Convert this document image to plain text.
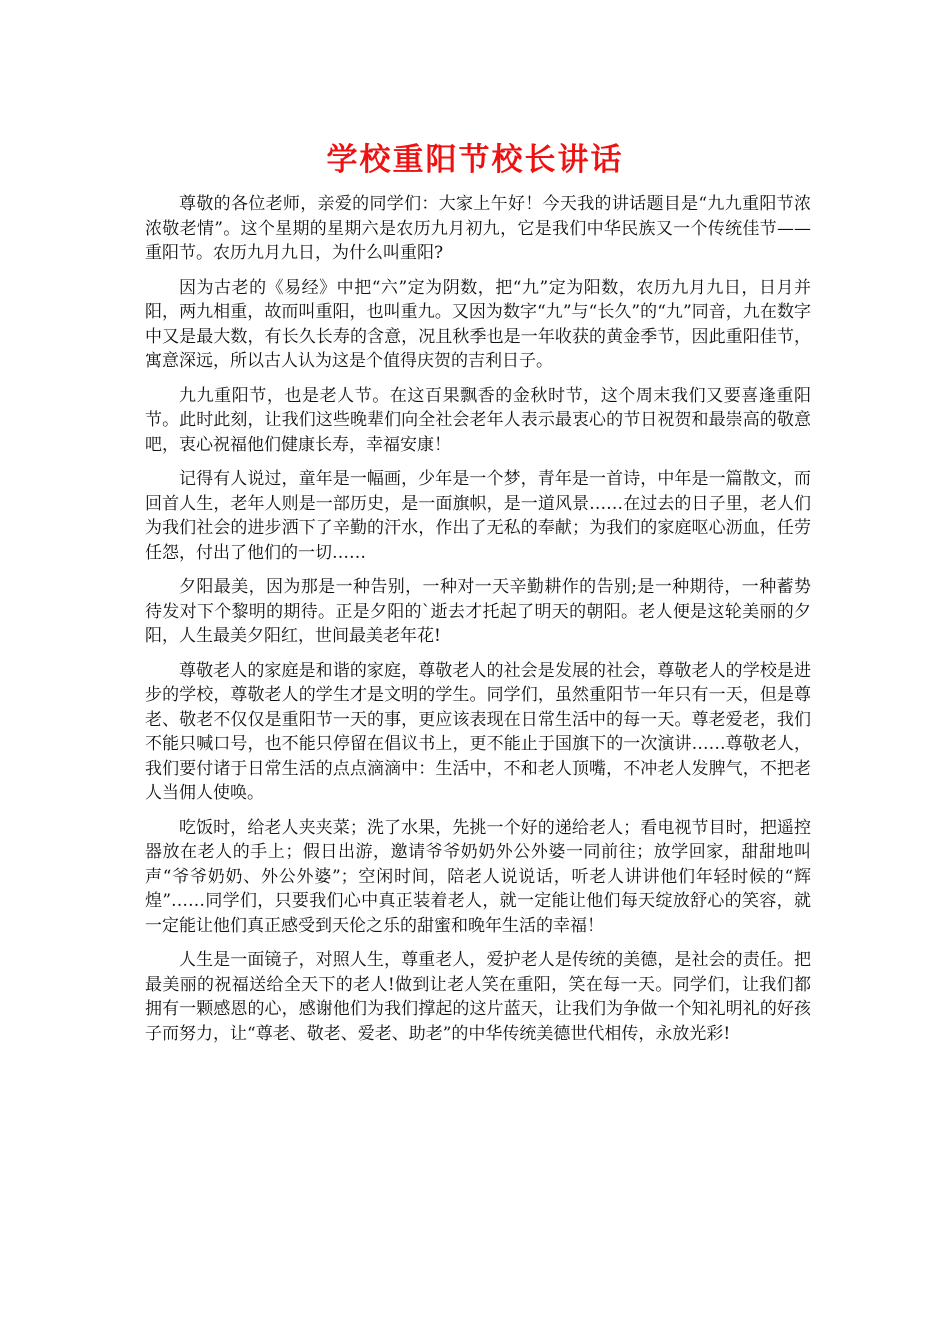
学校重阳节校长讲话

尊敬的各位老师，亲爱的同学们：大家上午好！今天我的讲话题目是“九九重阳节浓浓敬老情”。这个星期的星期六是农历九月初九，它是我们中华民族又一个传统佳节——重阳节。农历九月九日，为什么叫重阳?

因为古老的《易经》中把“六”定为阴数，把“九”定为阳数，农历九月九日，日月并阳，两九相重，故而叫重阳，也叫重九。又因为数字“九”与“长久”的“九”同音，九在数字中又是最大数，有长久长寿的含意，况且秋季也是一年收获的黄金季节，因此重阳佳节，寓意深远，所以古人认为这是个值得庆贺的吉利日子。

九九重阳节，也是老人节。在这百果飘香的金秋时节，这个周末我们又要喜逢重阳节。此时此刻，让我们这些晚辈们向全社会老年人表示最衷心的节日祝贺和最崇高的敬意吧，衷心祝福他们健康长寿，幸福安康！

记得有人说过，童年是一幅画，少年是一个梦，青年是一首诗，中年是一篇散文，而回首人生，老年人则是一部历史，是一面旗帜，是一道风景……在过去的日子里，老人们为我们社会的进步洒下了辛勤的汗水，作出了无私的奉献；为我们的家庭呕心沥血，任劳任怨，付出了他们的一切……

夕阳最美，因为那是一种告别，一种对一天辛勤耕作的告别;是一种期待，一种蓄势待发对下个黎明的期待。正是夕阳的`逝去才托起了明天的朝阳。老人便是这轮美丽的夕阳，人生最美夕阳红，世间最美老年花!

尊敬老人的家庭是和谐的家庭，尊敬老人的社会是发展的社会，尊敬老人的学校是进步的学校，尊敬老人的学生才是文明的学生。同学们，虽然重阳节一年只有一天，但是尊老、敬老不仅仅是重阳节一天的事，更应该表现在日常生活中的每一天。尊老爱老，我们不能只喊口号，也不能只停留在倡议书上，更不能止于国旗下的一次演讲……尊敬老人，我们要付诸于日常生活的点点滴滴中：生活中，不和老人顶嘴，不冲老人发脾气，不把老人当佣人使唤。

吃饭时，给老人夹夹菜；洗了水果，先挑一个好的递给老人；看电视节目时，把遥控器放在老人的手上；假日出游，邀请爷爷奶奶外公外婆一同前往；放学回家，甜甜地叫声“爷爷奶奶、外公外婆”；空闲时间，陪老人说说话，听老人讲讲他们年轻时候的“辉煌”……同学们，只要我们心中真正装着老人，就一定能让他们每天绽放舒心的笑容，就一定能让他们真正感受到天伦之乐的甜蜜和晚年生活的幸福！

人生是一面镜子，对照人生，尊重老人，爱护老人是传统的美德，是社会的责任。把最美丽的祝福送给全天下的老人!做到让老人笑在重阳，笑在每一天。同学们，让我们都拥有一颗感恩的心，感谢他们为我们撑起的这片蓝天，让我们为争做一个知礼明礼的好孩子而努力，让“尊老、敬老、爱老、助老”的中华传统美德世代相传，永放光彩!
